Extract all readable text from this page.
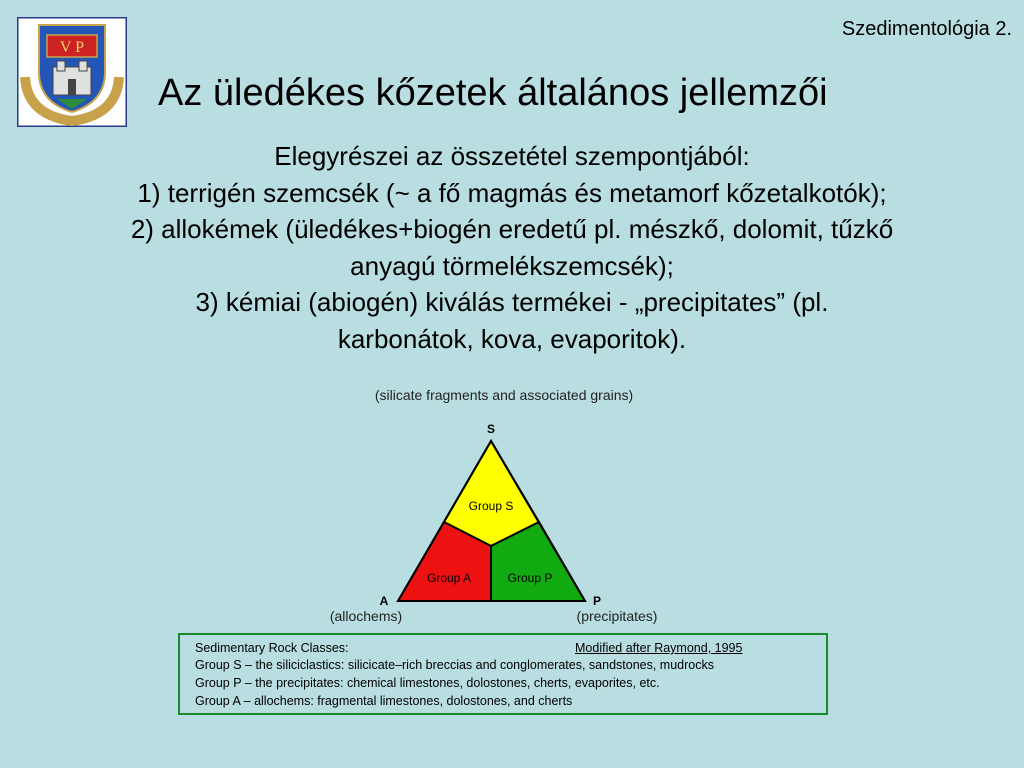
V P
Szedimentológia 2.
Az üledékes kőzetek általános jellemzői
Elegyrészei az összetétel szempontjából:
1) terrigén szemcsék (~ a fő magmás és metamorf kőzetalkotók);
2) allokémek (üledékes+biogén eredetű pl. mészkő, dolomit, tűzkő
anyagú törmelékszemcsék);
3) kémiai (abiogén) kiválás termékei - „precipitates” (pl.
karbonátok, kova, evaporitok).
(silicate fragments and associated grains)
S
Group S
Group A	Group P
A	P
(allochems)	(precipitates)
Sedimentary Rock Classes:	Modified after Raymond, 1995
Group S – the siliciclastics: silicicate–rich breccias and conglomerates, sandstones, mudrocks
Group P – the precipitates: chemical limestones, dolostones, cherts, evaporites, etc.
Group A – allochems: fragmental limestones, dolostones, and cherts
